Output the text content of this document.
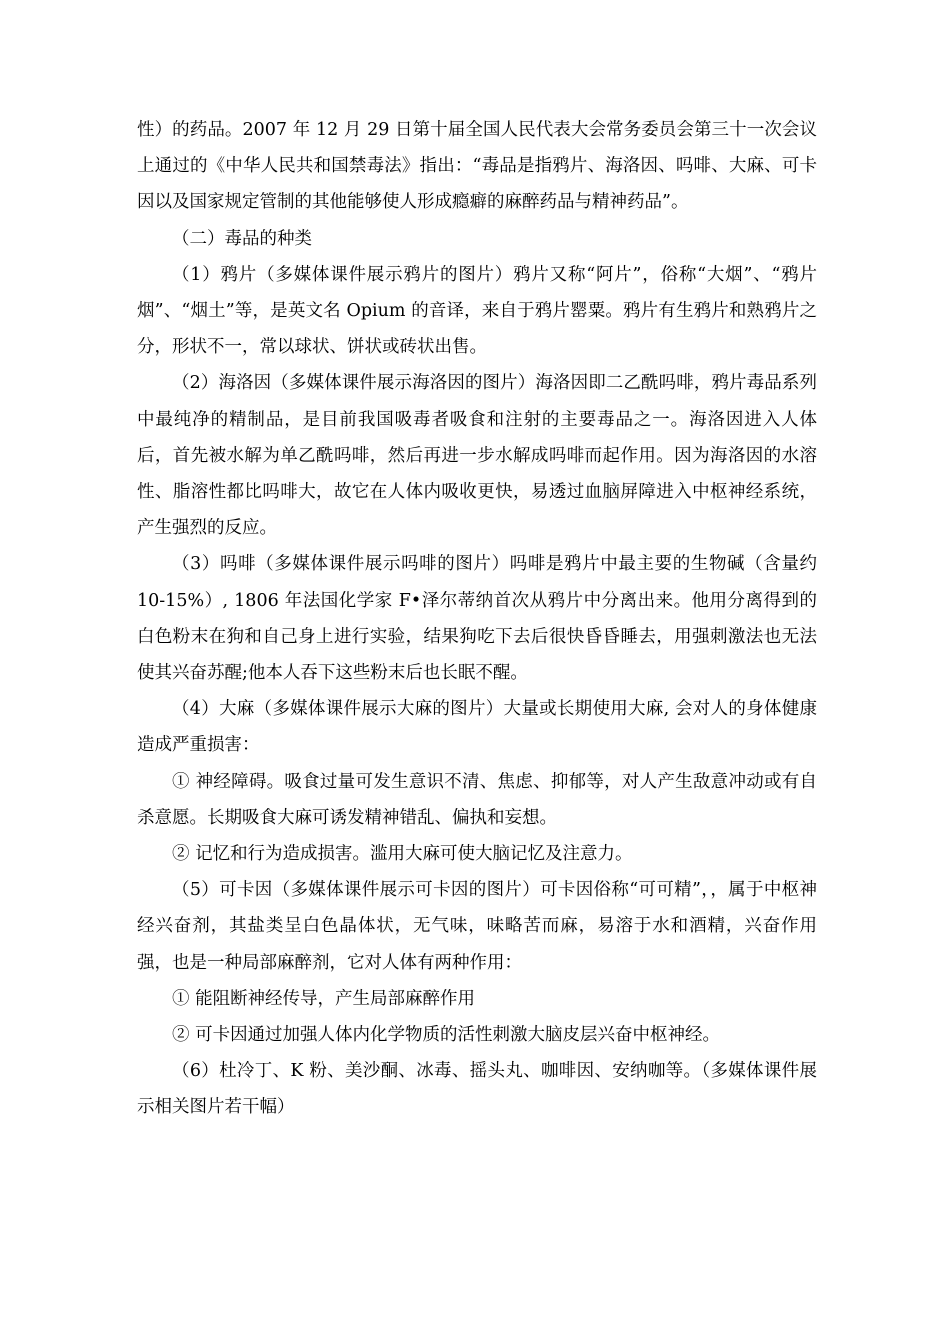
性）的药品。2007 年 12 月 29 日第十届全国人民代表大会常务委员会第三十一次会议上通过的《中华人民共和国禁毒法》指出：“毒品是指鸦片、海洛因、吗啡、大麻、可卡因以及国家规定管制的其他能够使人形成瘾癖的麻醉药品与精神药品”。

（二）毒品的种类

（1）鸦片（多媒体课件展示鸦片的图片）鸦片又称“阿片”，俗称“大烟”、“鸦片烟”、“烟土”等，是英文名 Opium 的音译，来自于鸦片罂粟。鸦片有生鸦片和熟鸦片之分，形状不一，常以球状、饼状或砖状出售。

（2）海洛因（多媒体课件展示海洛因的图片）海洛因即二乙酰吗啡，鸦片毒品系列中最纯净的精制品，是目前我国吸毒者吸食和注射的主要毒品之一。海洛因进入人体后，首先被水解为单乙酰吗啡，然后再进一步水解成吗啡而起作用。因为海洛因的水溶性、脂溶性都比吗啡大，故它在人体内吸收更快，易透过血脑屏障进入中枢神经系统，产生强烈的反应。

（3）吗啡（多媒体课件展示吗啡的图片）吗啡是鸦片中最主要的生物碱（含量约 10-15%）, 1806 年法国化学家 F•泽尔蒂纳首次从鸦片中分离出来。他用分离得到的白色粉末在狗和自己身上进行实验，结果狗吃下去后很快昏昏睡去，用强刺激法也无法使其兴奋苏醒;他本人吞下这些粉末后也长眠不醒。

（4）大麻（多媒体课件展示大麻的图片）大量或长期使用大麻, 会对人的身体健康造成严重损害：

① 神经障碍。吸食过量可发生意识不清、焦虑、抑郁等，对人产生敌意冲动或有自杀意愿。长期吸食大麻可诱发精神错乱、偏执和妄想。

② 记忆和行为造成损害。滥用大麻可使大脑记忆及注意力。

（5）可卡因（多媒体课件展示可卡因的图片）可卡因俗称“可可精”，，属于中枢神经兴奋剂，其盐类呈白色晶体状，无气味，味略苦而麻，易溶于水和酒精，兴奋作用强，也是一种局部麻醉剂，它对人体有两种作用：

① 能阻断神经传导，产生局部麻醉作用

② 可卡因通过加强人体内化学物质的活性刺激大脑皮层兴奋中枢神经。

（6）杜冷丁、K 粉、美沙酮、冰毒、摇头丸、咖啡因、安纳咖等。（多媒体课件展示相关图片若干幅）
